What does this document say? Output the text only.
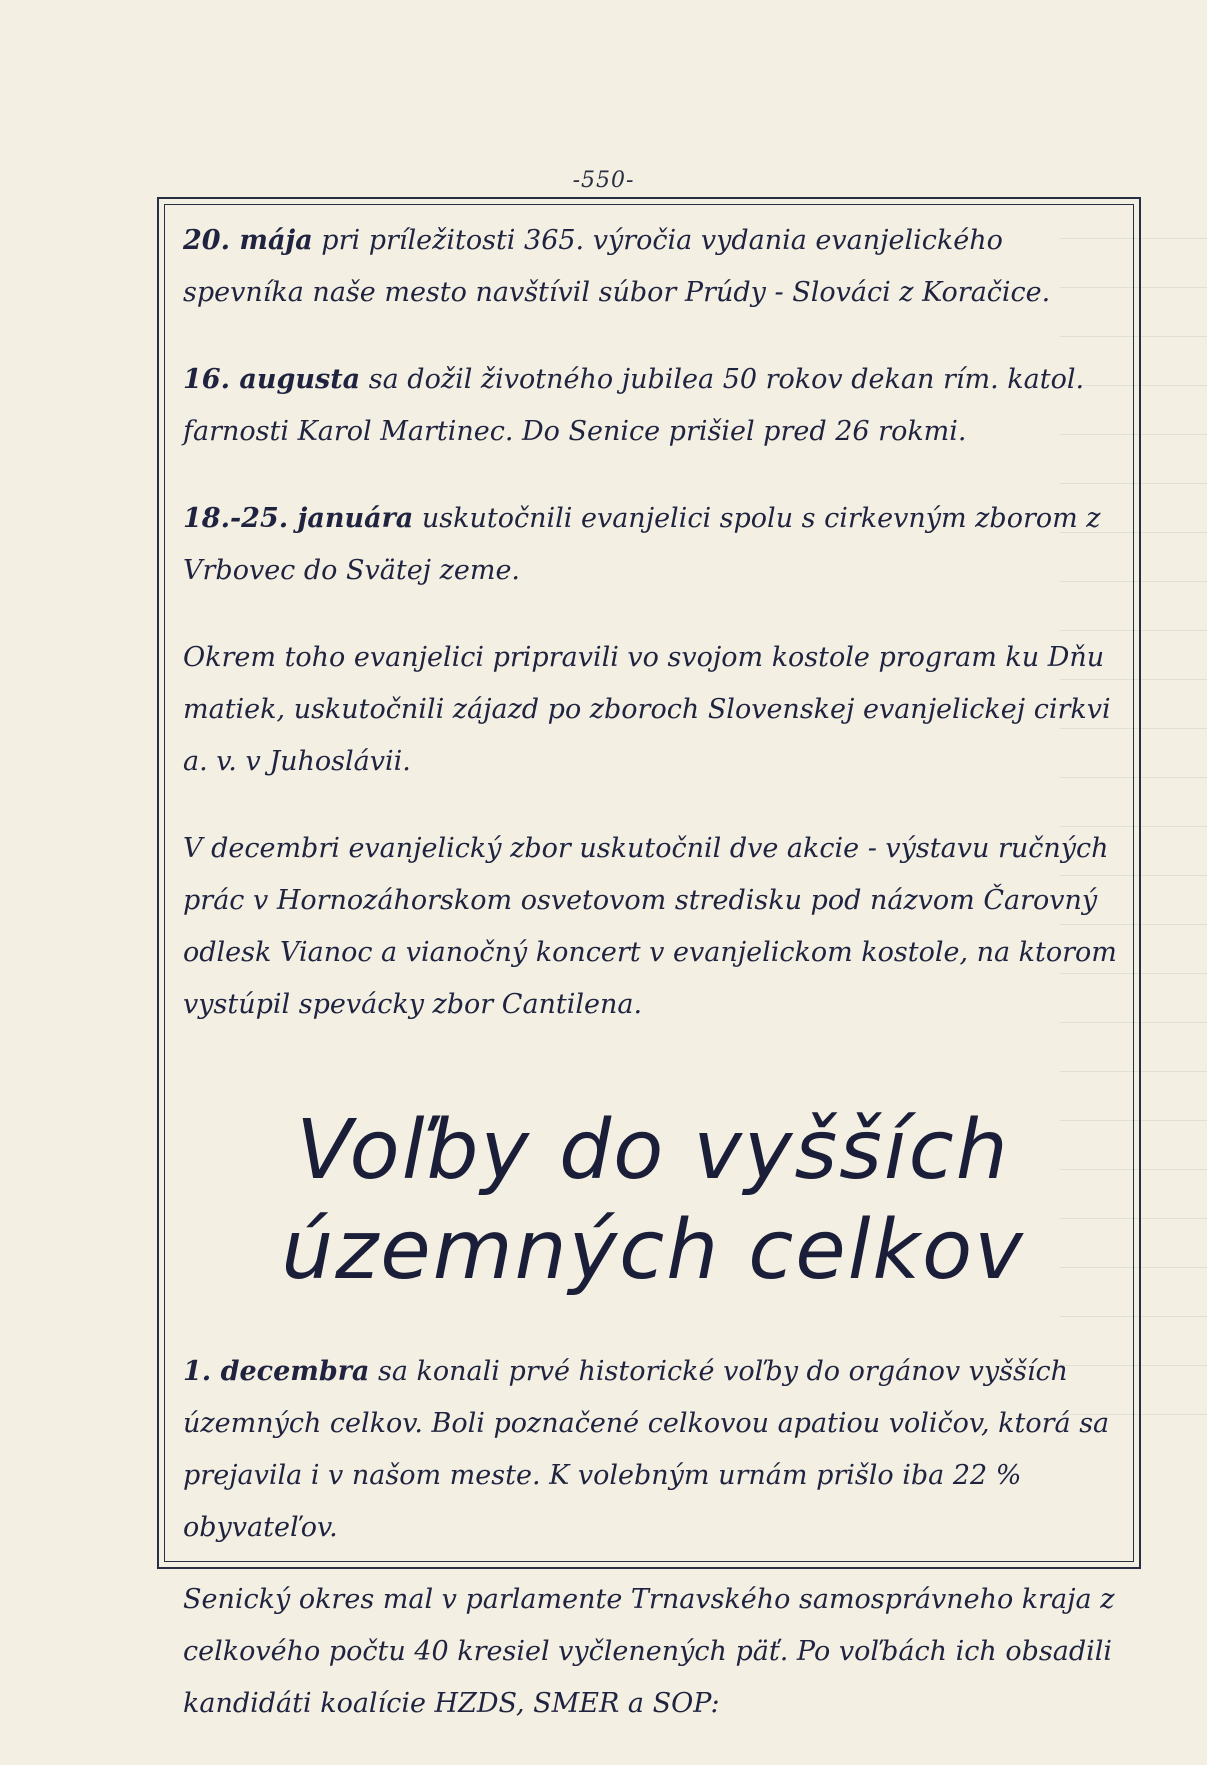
-550-

20. mája pri príležitosti 365. výročia vydania evanjelického spevníka naše mesto navštívil súbor Prúdy - Slováci z Koračice.

16. augusta sa dožil životného jubilea 50 rokov dekan rím. katol. farnosti Karol Martinec. Do Senice prišiel pred 26 rokmi.

18.-25. januára uskutočnili evanjelici spolu s cirkevným zborom z Vrbovec do Svätej zeme.

Okrem toho evanjelici pripravili vo svojom kostole program ku Dňu matiek, uskutočnili zájazd po zboroch Slovenskej evanjelickej cirkvi a. v. v Juhoslávii.

V decembri evanjelický zbor uskutočnil dve akcie - výstavu ručných prác v Hornozáhorskom osvetovom stredisku pod názvom Čarovný odlesk Vianoc a vianočný koncert v evanjelickom kostole, na ktorom vystúpil spevácky zbor Cantilena.

Voľby do vyšších
územných celkov

1. decembra sa konali prvé historické voľby do orgánov vyšších územných celkov. Boli poznačené celkovou apatiou voličov, ktorá sa prejavila i v našom meste. K volebným urnám prišlo iba 22 % obyvateľov.

Senický okres mal v parlamente Trnavského samosprávneho kraja z celkového počtu 40 kresiel vyčlenených päť. Po voľbách ich obsadili kandidáti koalície HZDS, SMER a SOP:
